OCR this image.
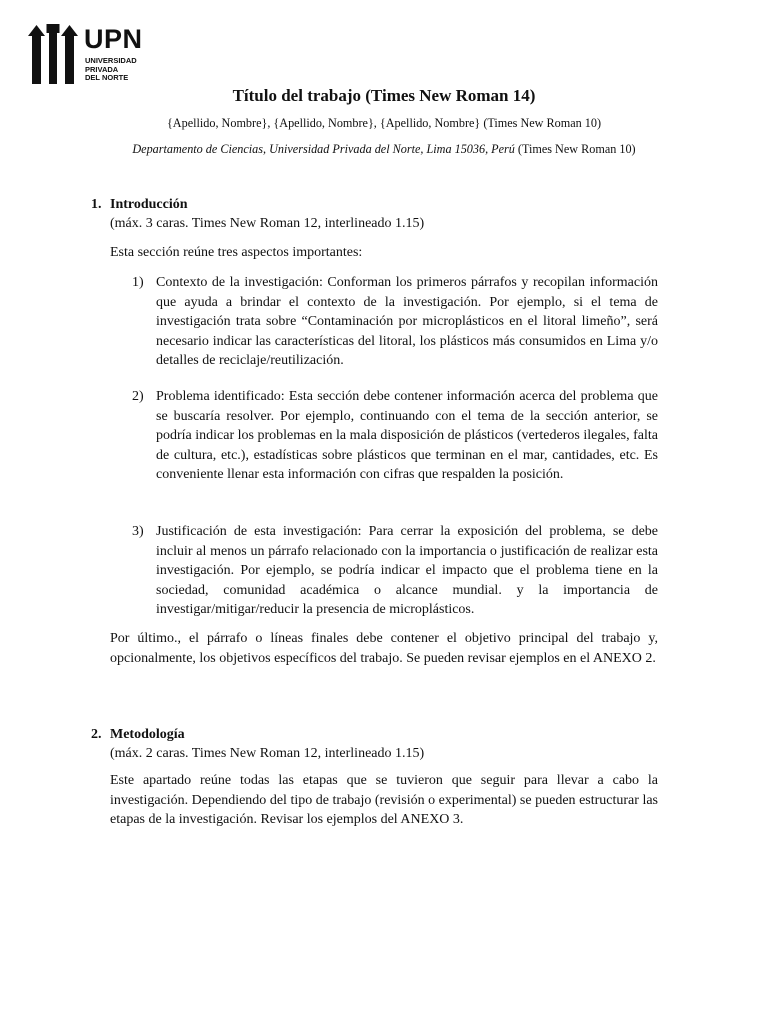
UPN
UNIVERSIDAD
PRIVADA
DEL NORTE
Título del trabajo (Times New Roman 14)
{Apellido, Nombre}, {Apellido, Nombre}, {Apellido, Nombre} (Times New Roman 10)
Departamento de Ciencias, Universidad Privada del Norte, Lima 15036, Perú (Times New Roman 10)
1. Introducción
(máx. 3 caras. Times New Roman 12, interlineado 1.15)
Esta sección reúne tres aspectos importantes:
1) Contexto de la investigación: Conforman los primeros párrafos y recopilan información que ayuda a brindar el contexto de la investigación. Por ejemplo, si el tema de investigación trata sobre “Contaminación por microplásticos en el litoral limeño”, será necesario indicar las características del litoral, los plásticos más consumidos en Lima y/o detalles de reciclaje/reutilización.
2) Problema identificado: Esta sección debe contener información acerca del problema que se buscaría resolver. Por ejemplo, continuando con el tema de la sección anterior, se podría indicar los problemas en la mala disposición de plásticos (vertederos ilegales, falta de cultura, etc.), estadísticas sobre plásticos que terminan en el mar, cantidades, etc. Es conveniente llenar esta información con cifras que respalden la posición.
3) Justificación de esta investigación: Para cerrar la exposición del problema, se debe incluir al menos un párrafo relacionado con la importancia o justificación de realizar esta investigación. Por ejemplo, se podría indicar el impacto que el problema tiene en la sociedad, comunidad académica o alcance mundial. y la importancia de investigar/mitigar/reducir la presencia de microplásticos.
Por último., el párrafo o líneas finales debe contener el objetivo principal del trabajo y, opcionalmente, los objetivos específicos del trabajo. Se pueden revisar ejemplos en el ANEXO 2.
2. Metodología
(máx. 2 caras. Times New Roman 12, interlineado 1.15)
Este apartado reúne todas las etapas que se tuvieron que seguir para llevar a cabo la investigación. Dependiendo del tipo de trabajo (revisión o experimental) se pueden estructurar las etapas de la investigación. Revisar los ejemplos del ANEXO 3.
